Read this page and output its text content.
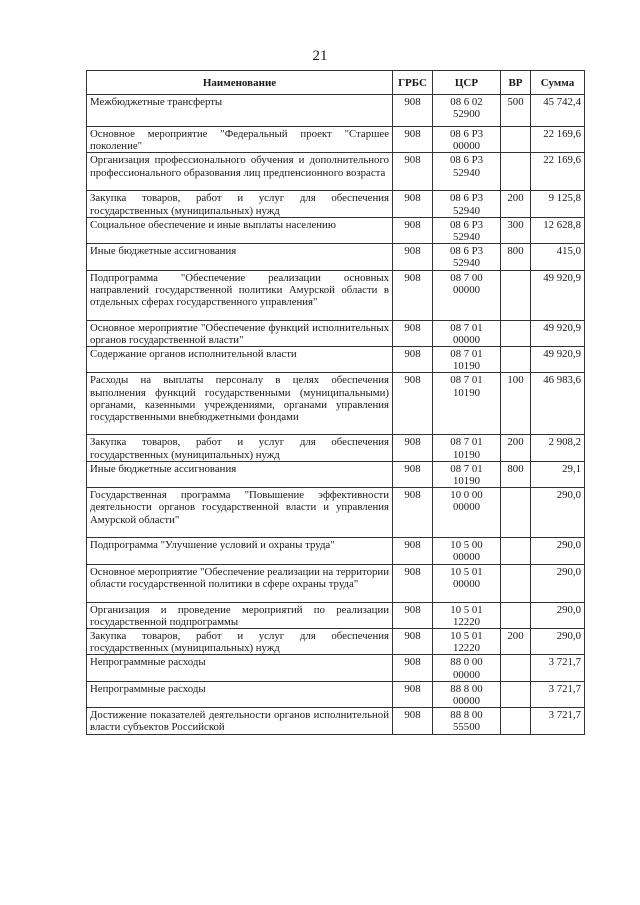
21
Наименование	ГРБС	ЦСР	ВР	Сумма
Межбюджетные трансферты	908	08 6 02 52900	500	45 742,4
Основное мероприятие "Федеральный проект "Старшее поколение"	908	08 6 P3 00000		22 169,6
Организация профессионального обучения и дополнительного профессионального образования лиц предпенсионного возраста	908	08 6 P3 52940		22 169,6
Закупка товаров, работ и услуг для обеспечения государственных (муниципальных) нужд	908	08 6 P3 52940	200	9 125,8
Социальное обеспечение и иные выплаты населению	908	08 6 P3 52940	300	12 628,8
Иные бюджетные ассигнования	908	08 6 P3 52940	800	415,0
Подпрограмма "Обеспечение реализации основных направлений государственной политики Амурской области в отдельных сферах государственного управления"	908	08 7 00 00000		49 920,9
Основное мероприятие "Обеспечение функций исполнительных органов государственной власти"	908	08 7 01 00000		49 920,9
Содержание органов исполнительной власти	908	08 7 01 10190		49 920,9
Расходы на выплаты персоналу в целях обеспечения выполнения функций государственными (муниципальными) органами, казенными учреждениями, органами управления государственными внебюджетными фондами	908	08 7 01 10190	100	46 983,6
Закупка товаров, работ и услуг для обеспечения государственных (муниципальных) нужд	908	08 7 01 10190	200	2 908,2
Иные бюджетные ассигнования	908	08 7 01 10190	800	29,1
Государственная программа "Повышение эффективности деятельности органов государственной власти и управления Амурской области"	908	10 0 00 00000		290,0
Подпрограмма "Улучшение условий и охраны труда"	908	10 5 00 00000		290,0
Основное мероприятие "Обеспечение реализации на территории области государственной политики в сфере охраны труда"	908	10 5 01 00000		290,0
Организация и проведение мероприятий по реализации государственной подпрограммы	908	10 5 01 12220		290,0
Закупка товаров, работ и услуг для обеспечения государственных (муниципальных) нужд	908	10 5 01 12220	200	290,0
Непрограммные расходы	908	88 0 00 00000		3 721,7
Непрограммные расходы	908	88 8 00 00000		3 721,7
Достижение показателей деятельности органов исполнительной власти субъектов Российской	908	88 8 00 55500		3 721,7
